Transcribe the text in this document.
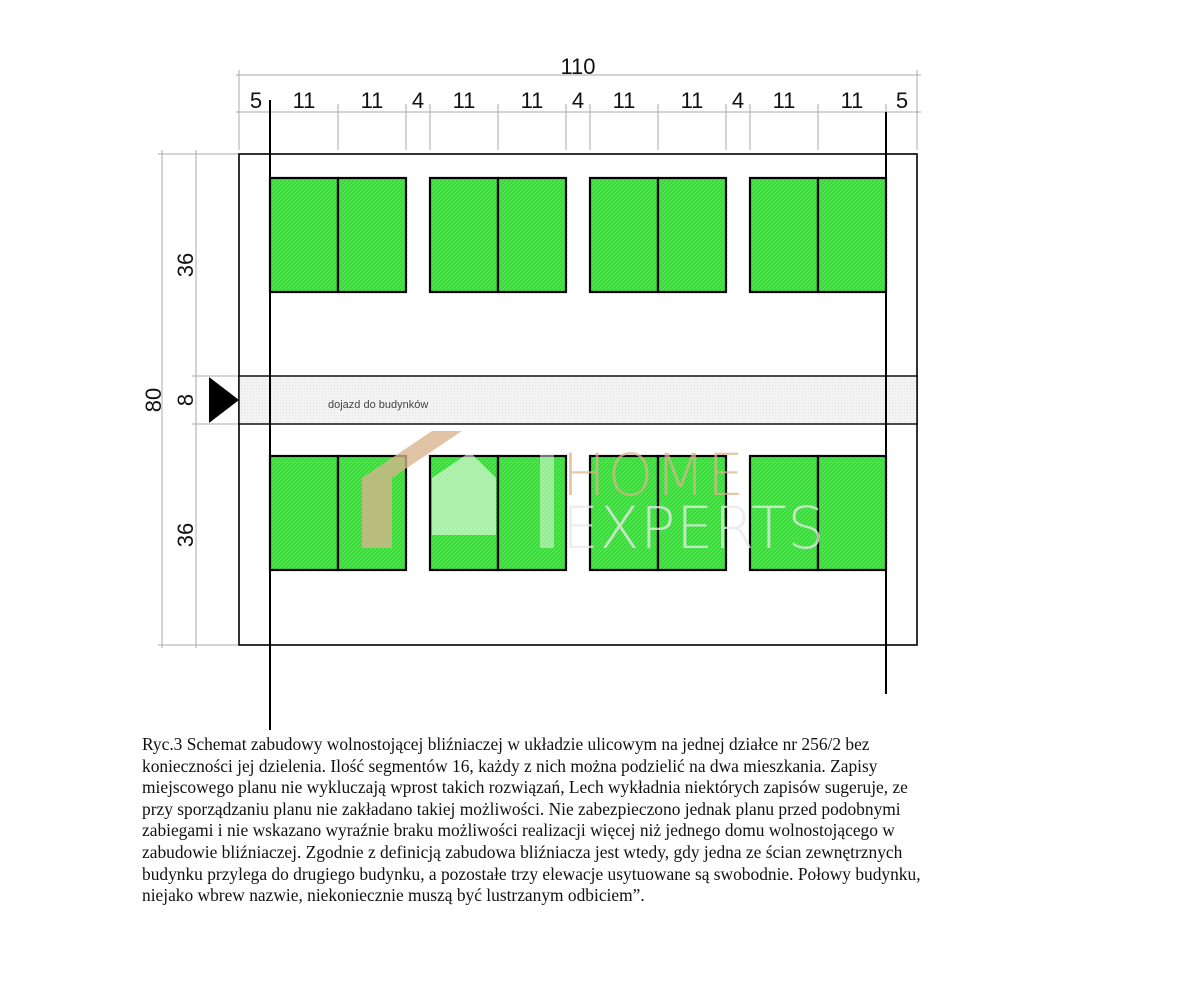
110
5 11 11 4 11 11 4 11 11 4 11 11 5
80
36
8
36
dojazd do budynków
HOME
EXPERTS
Ryc.3 Schemat zabudowy wolnostojącej bliźniaczej w układzie ulicowym na jednej działce nr 256/2 bez
konieczności jej dzielenia. Ilość segmentów 16, każdy z nich można podzielić na dwa mieszkania. Zapisy
miejscowego planu nie wykluczają wprost takich rozwiązań, Lech wykładnia niektórych zapisów sugeruje, ze
przy sporządzaniu planu nie zakładano takiej możliwości. Nie zabezpieczono jednak planu przed podobnymi
zabiegami i nie wskazano wyraźnie braku możliwości realizacji więcej niż jednego domu wolnostojącego w
zabudowie bliźniaczej. Zgodnie z definicją zabudowa bliźniacza jest wtedy, gdy jedna ze ścian zewnętrznych
budynku przylega do drugiego budynku, a pozostałe trzy elewacje usytuowane są swobodnie. Połowy budynku,
niejako wbrew nazwie, niekoniecznie muszą być lustrzanym odbiciem”.
